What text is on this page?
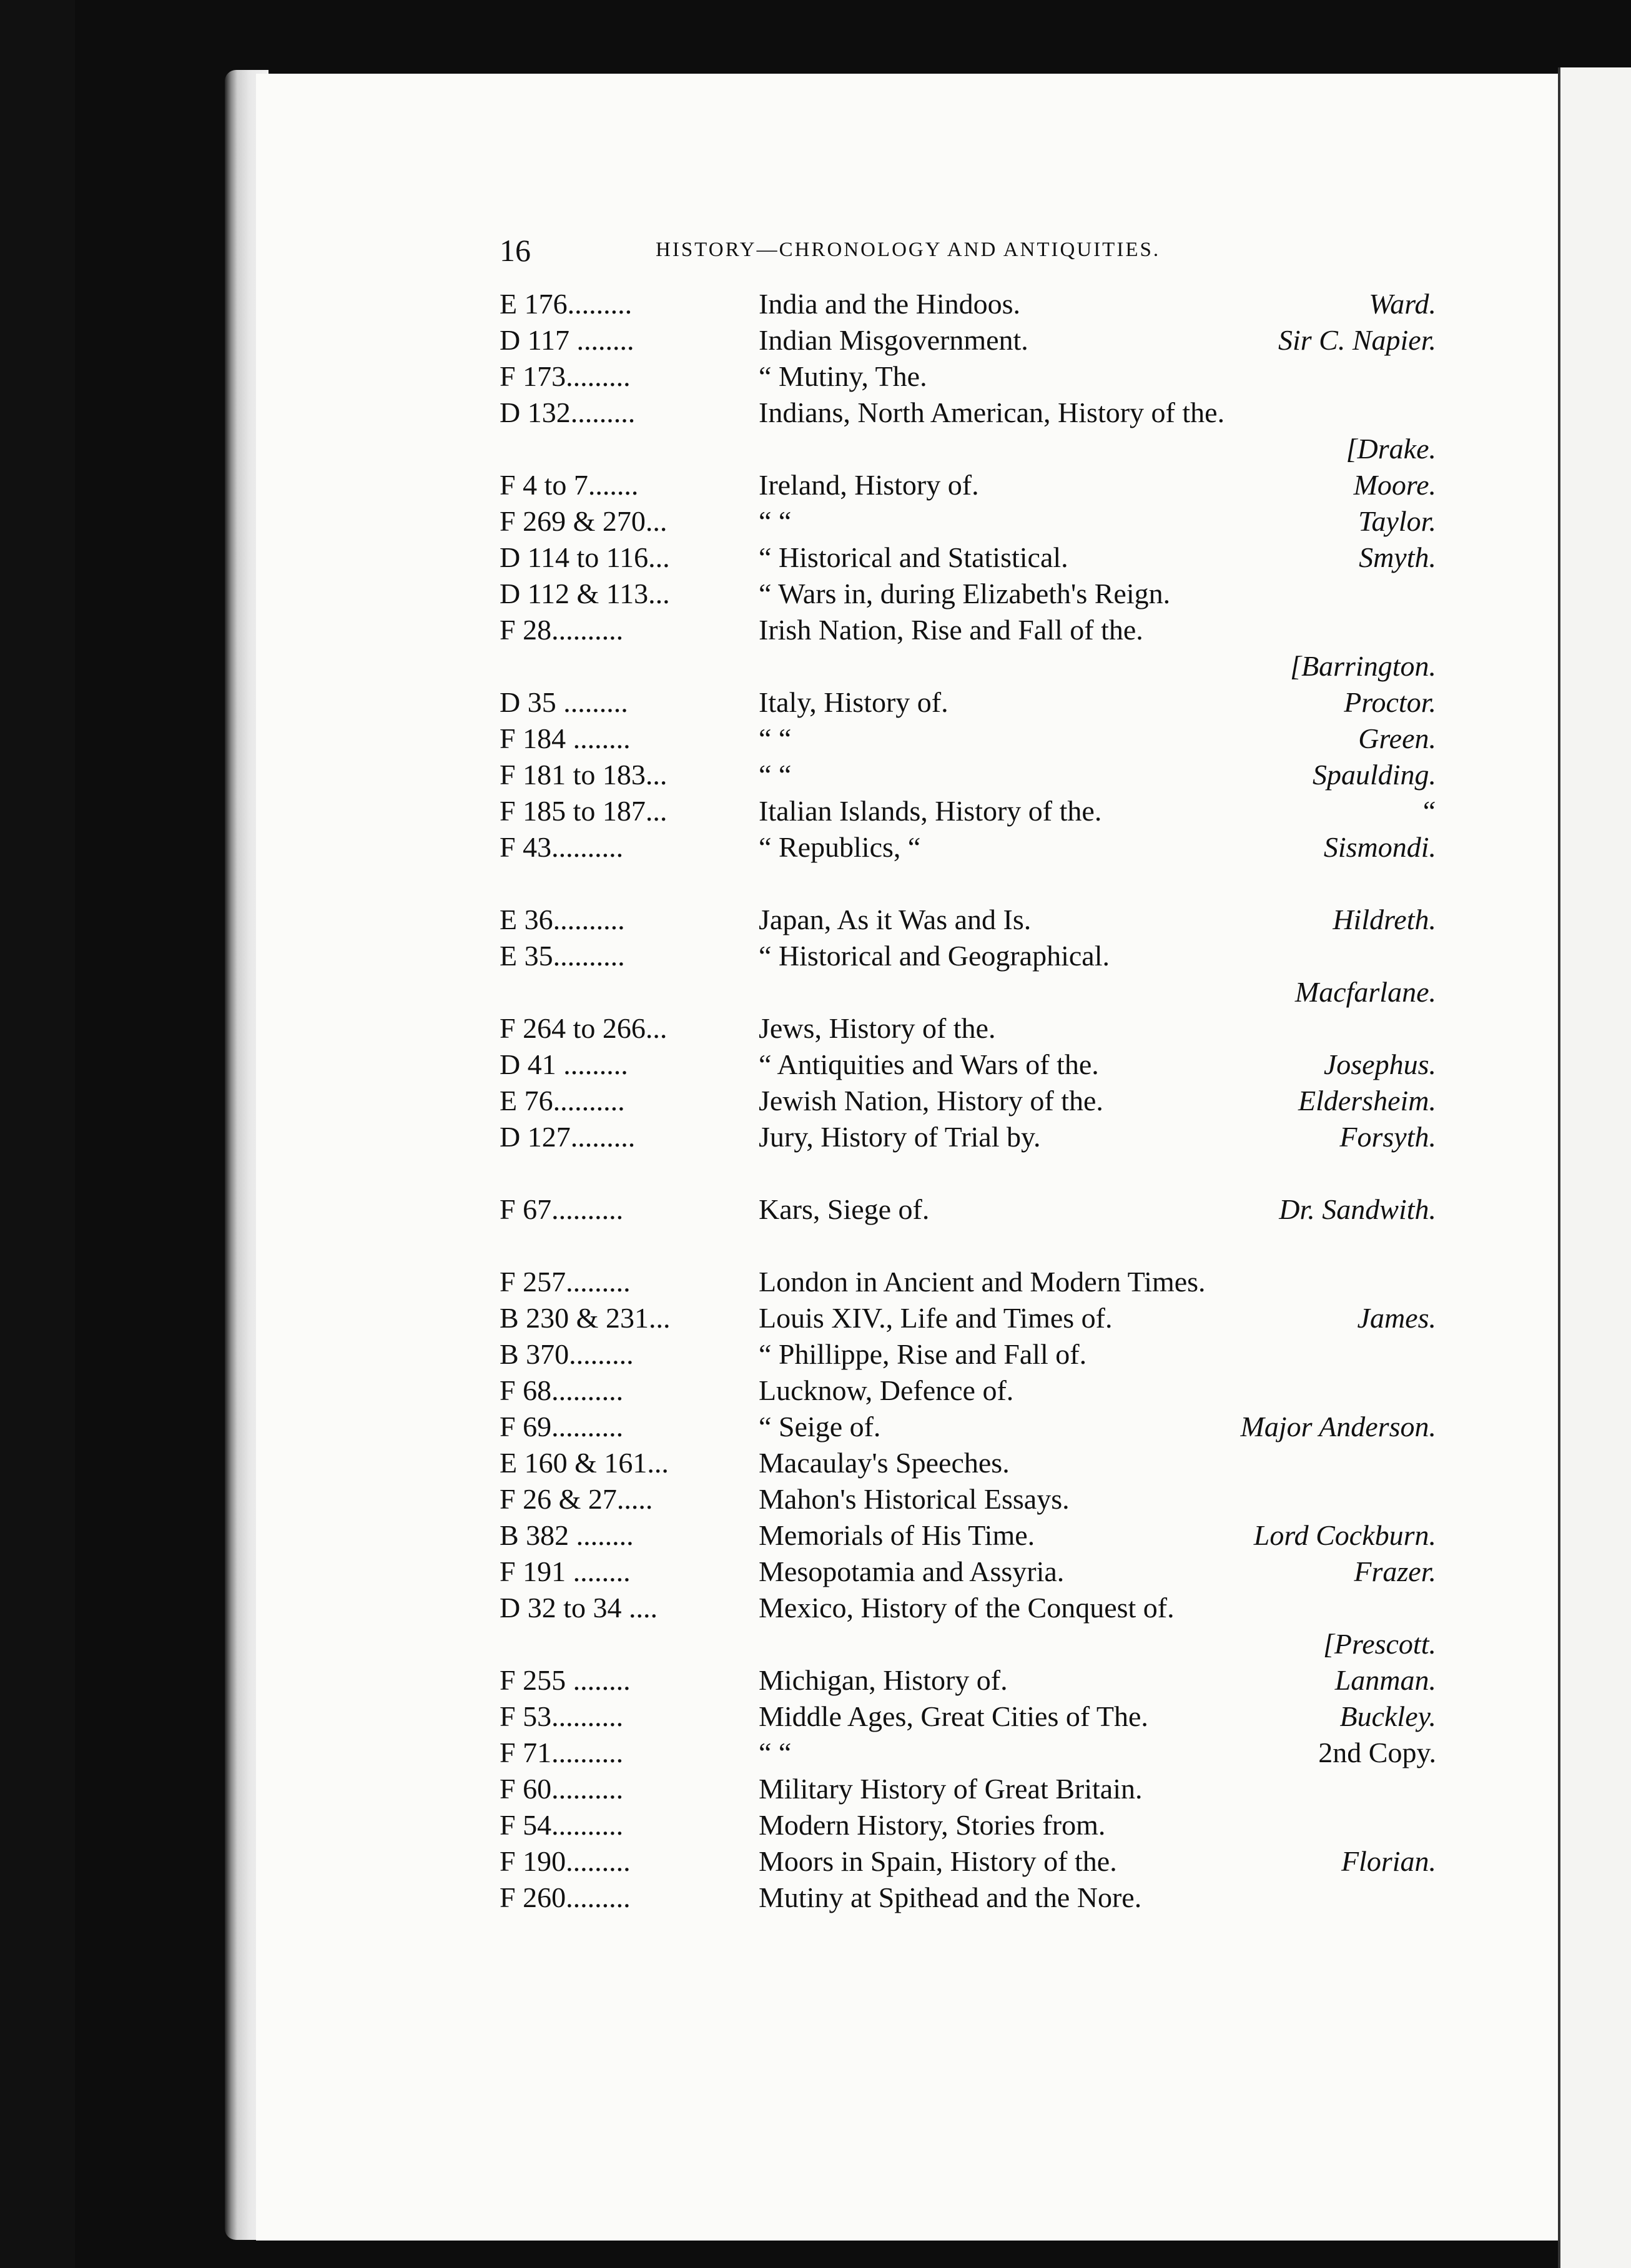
16	HISTORY—CHRONOLOGY AND ANTIQUITIES.
E 176.........	India and the Hindoos.	Ward.
D 117 ........	Indian Misgovernment.	Sir C. Napier.
F 173.........	“ Mutiny, The.
D 132.........	Indians, North American, History of the.
[Drake.
F 4 to 7.......	Ireland, History of.	Moore.
F 269 & 270...	“ “	Taylor.
D 114 to 116...	“ Historical and Statistical.	Smyth.
D 112 & 113...	“ Wars in, during Elizabeth's Reign.
F 28..........	Irish Nation, Rise and Fall of the.
[Barrington.
D 35 .........	Italy, History of.	Proctor.
F 184 ........	“ “	Green.
F 181 to 183...	“ “	Spaulding.
F 185 to 187...	Italian Islands, History of the.	“
F 43..........	“ Republics, “	Sismondi.
E 36..........	Japan, As it Was and Is.	Hildreth.
E 35..........	“ Historical and Geographical.
Macfarlane.
F 264 to 266...	Jews, History of the.
D 41 .........	“ Antiquities and Wars of the.	Josephus.
E 76..........	Jewish Nation, History of the.	Eldersheim.
D 127.........	Jury, History of Trial by.	Forsyth.
F 67..........	Kars, Siege of.	Dr. Sandwith.
F 257.........	London in Ancient and Modern Times.
B 230 & 231...	Louis XIV., Life and Times of.	James.
B 370.........	“ Phillippe, Rise and Fall of.
F 68..........	Lucknow, Defence of.
F 69..........	“ Seige of.	Major Anderson.
E 160 & 161...	Macaulay's Speeches.
F 26 & 27.....	Mahon's Historical Essays.
B 382 ........	Memorials of His Time.	Lord Cockburn.
F 191 ........	Mesopotamia and Assyria.	Frazer.
D 32 to 34 ....	Mexico, History of the Conquest of.
[Prescott.
F 255 ........	Michigan, History of.	Lanman.
F 53..........	Middle Ages, Great Cities of The.	Buckley.
F 71..........	“ “	2nd Copy.
F 60..........	Military History of Great Britain.
F 54..........	Modern History, Stories from.
F 190.........	Moors in Spain, History of the.	Florian.
F 260.........	Mutiny at Spithead and the Nore.
